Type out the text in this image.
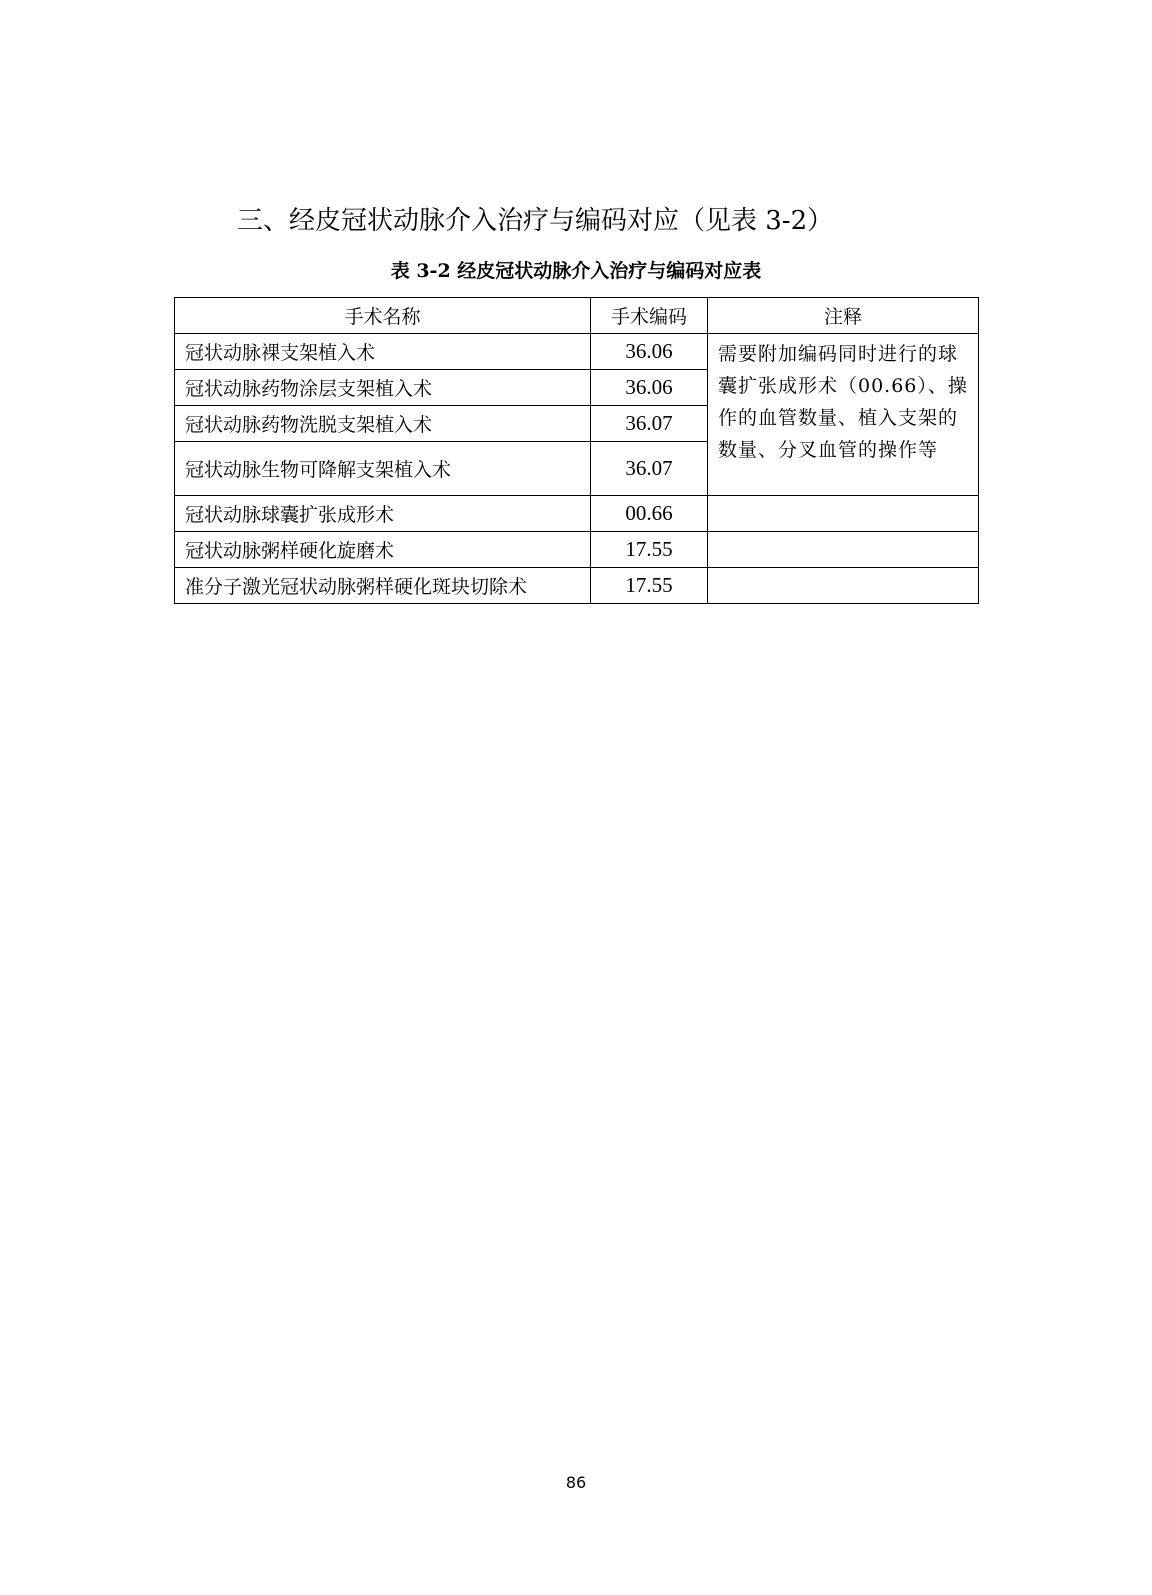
三、经皮冠状动脉介入治疗与编码对应（见表 3-2）
表 3-2 经皮冠状动脉介入治疗与编码对应表
手术名称	手术编码	注释
冠状动脉裸支架植入术	36.06	需要附加编码同时进行的球囊扩张成形术（00.66）、操作的血管数量、植入支架的数量、分叉血管的操作等
冠状动脉药物涂层支架植入术	36.06	
冠状动脉药物洗脱支架植入术	36.07	
冠状动脉生物可降解支架植入术	36.07	
冠状动脉球囊扩张成形术	00.66	
冠状动脉粥样硬化旋磨术	17.55	
准分子激光冠状动脉粥样硬化斑块切除术	17.55	
86
